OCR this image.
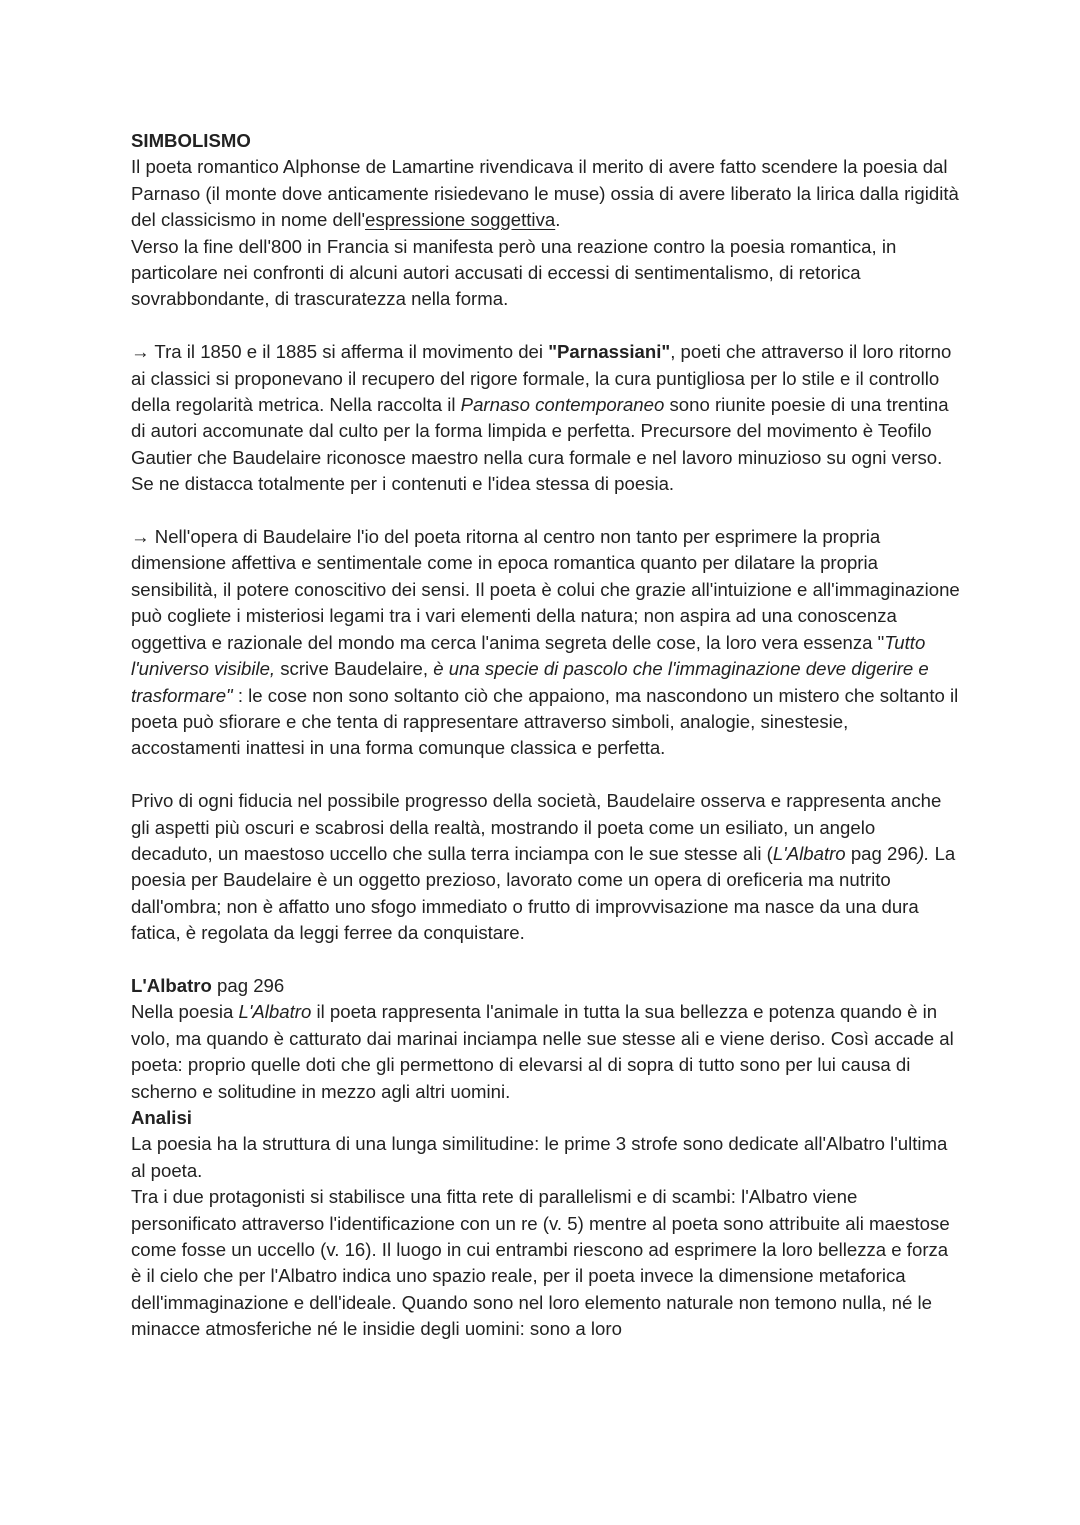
SIMBOLISMO

Il poeta romantico Alphonse de Lamartine rivendicava il merito di avere fatto scendere la poesia dal Parnaso (il monte dove anticamente risiedevano le muse) ossia di avere liberato la lirica dalla rigidità del classicismo in nome dell'espressione soggettiva.

Verso la fine dell'800 in Francia si manifesta però una reazione contro la poesia romantica, in particolare nei confronti di alcuni autori accusati di eccessi di sentimentalismo, di retorica sovrabbondante, di trascuratezza nella forma.

→ Tra il 1850 e il 1885 si afferma il movimento dei "Parnassiani", poeti che attraverso il loro ritorno ai classici si proponevano il recupero del rigore formale, la cura puntigliosa per lo stile e il controllo della regolarità metrica. Nella raccolta il Parnaso contemporaneo sono riunite poesie di una trentina di autori accomunate dal culto per la forma limpida e perfetta. Precursore del movimento è Teofilo Gautier che Baudelaire riconosce maestro nella cura formale e nel lavoro minuzioso su ogni verso. Se ne distacca totalmente per i contenuti e l'idea stessa di poesia.

→ Nell'opera di Baudelaire l'io del poeta ritorna al centro non tanto per esprimere la propria dimensione affettiva e sentimentale come in epoca romantica quanto per dilatare la propria sensibilità, il potere conoscitivo dei sensi. Il poeta è colui che grazie all'intuizione e all'immaginazione può cogliete i misteriosi legami tra i vari elementi della natura; non aspira ad una conoscenza oggettiva e razionale del mondo ma cerca l'anima segreta delle cose, la loro vera essenza "Tutto l'universo visibile, scrive Baudelaire, è una specie di pascolo che l'immaginazione deve digerire e trasformare" : le cose non sono soltanto ciò che appaiono, ma nascondono un mistero che soltanto il poeta può sfiorare e che tenta di rappresentare attraverso simboli, analogie, sinestesie, accostamenti inattesi in una forma comunque classica e perfetta.

Privo di ogni fiducia nel possibile progresso della società, Baudelaire osserva e rappresenta anche gli aspetti più oscuri e scabrosi della realtà, mostrando il poeta come un esiliato, un angelo decaduto, un maestoso uccello che sulla terra inciampa con le sue stesse ali (L'Albatro pag 296). La poesia per Baudelaire è un oggetto prezioso, lavorato come un opera di oreficeria ma nutrito dall'ombra; non è affatto uno sfogo immediato o frutto di improvvisazione ma nasce da una dura fatica, è regolata da leggi ferree da conquistare.

L'Albatro pag 296

Nella poesia L'Albatro il poeta rappresenta l'animale in tutta la sua bellezza e potenza quando è in volo, ma quando è catturato dai marinai inciampa nelle sue stesse ali e viene deriso. Così accade al poeta: proprio quelle doti che gli permettono di elevarsi al di sopra di tutto sono per lui causa di scherno e solitudine in mezzo agli altri uomini.

Analisi

La poesia ha la struttura di una lunga similitudine: le prime 3 strofe sono dedicate all'Albatro l'ultima al poeta.

Tra i due protagonisti si stabilisce una fitta rete di parallelismi e di scambi: l'Albatro viene personificato attraverso l'identificazione con un re (v. 5) mentre al poeta sono attribuite ali maestose come fosse un uccello (v. 16). Il luogo in cui entrambi riescono ad esprimere la loro bellezza e forza è il cielo che per l'Albatro indica uno spazio reale, per il poeta invece la dimensione metaforica dell'immaginazione e dell'ideale. Quando sono nel loro elemento naturale non temono nulla, né le minacce atmosferiche né le insidie degli uomini: sono a loro
